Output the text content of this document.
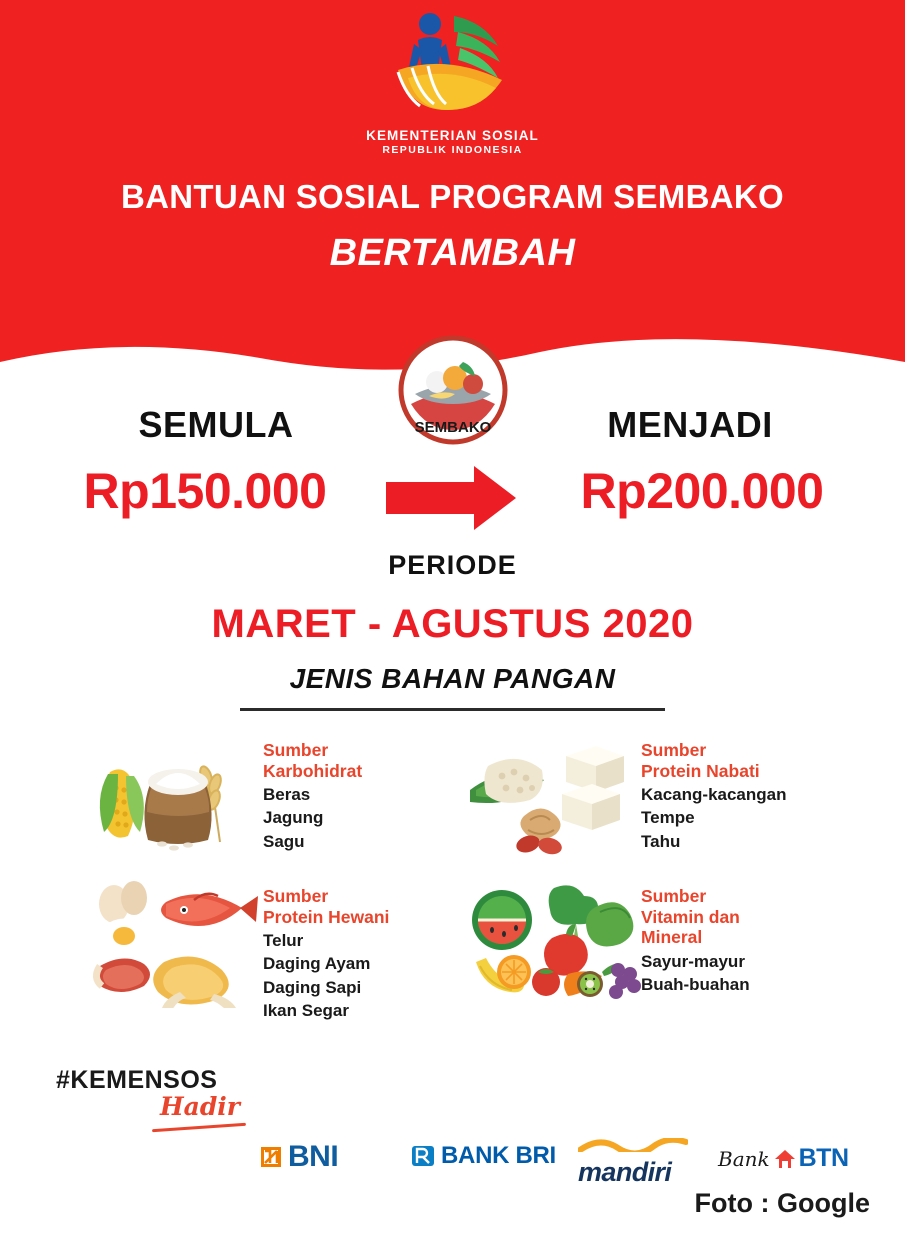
KEMENTERIAN SOSIAL
REPUBLIK INDONESIA
BANTUAN SOSIAL PROGRAM SEMBAKO
BERTAMBAH
SEMBAKO
SEMULA	MENJADI
Rp150.000	Rp200.000
PERIODE
MARET - AGUSTUS 2020
JENIS BAHAN PANGAN
Sumber
Karbohidrat
Beras
Jagung
Sagu
Sumber
Protein Nabati
Kacang-kacangan
Tempe
Tahu
Sumber
Protein Hewani
Telur
Daging Ayam
Daging Sapi
Ikan Segar
Sumber
Vitamin dan
Mineral
Sayur-mayur
Buah-buahan
#KEMENSOS
Hadir
BNI	BANK BRI
mandiri Bank BTN
Foto : Google
